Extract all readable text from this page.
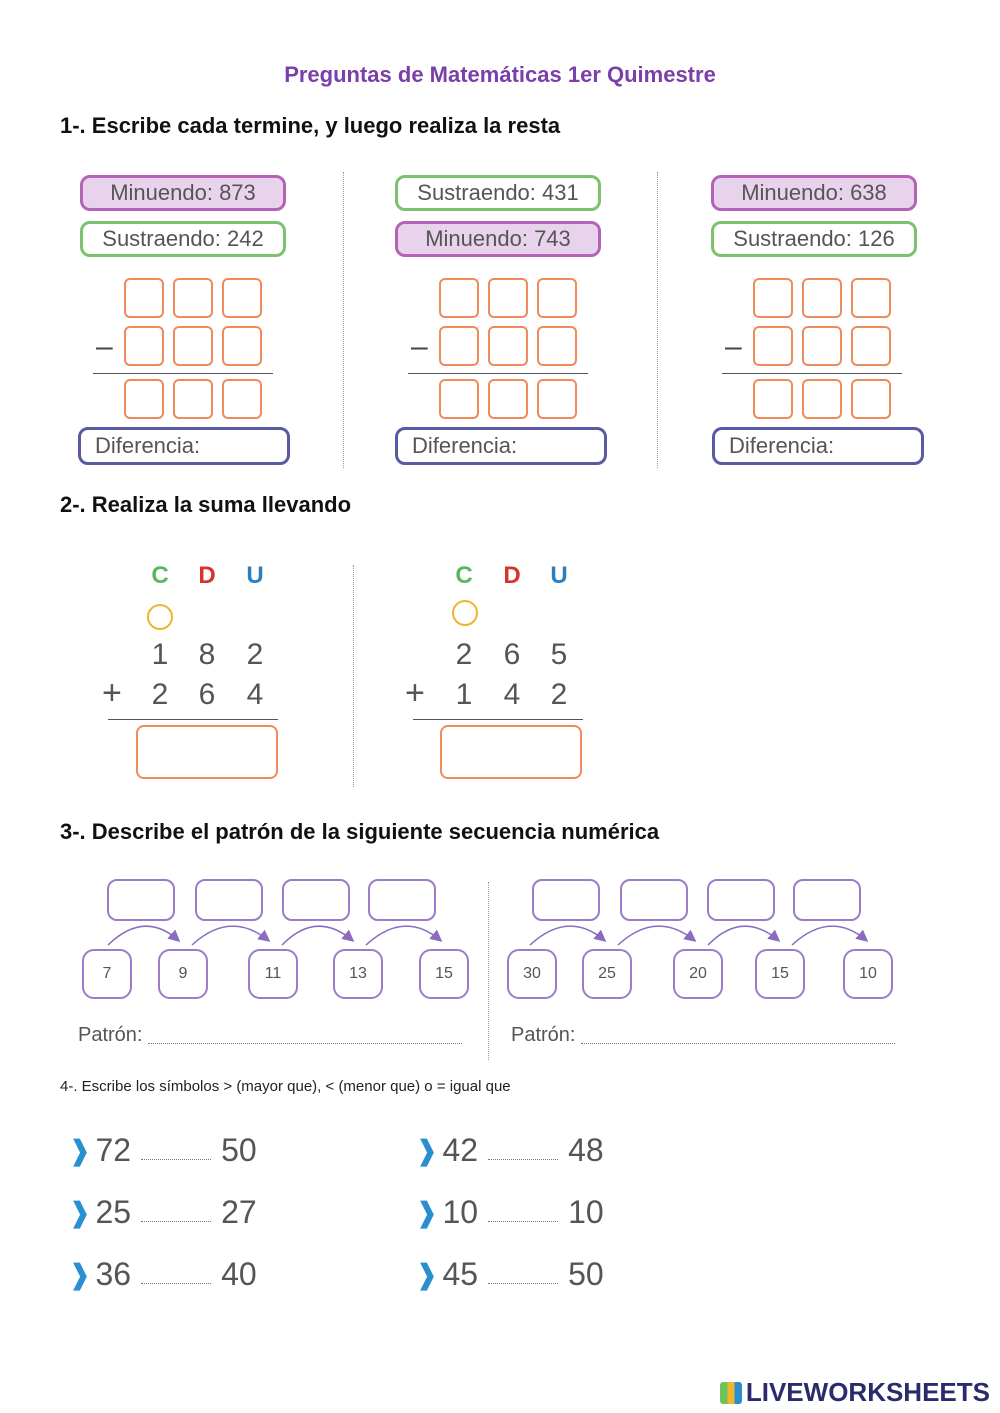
Preguntas de Matemáticas 1er Quimestre
1-. Escribe cada termine, y luego realiza la resta
Minuendo: 873
Sustraendo: 242
–
Diferencia:
Sustraendo: 431
Minuendo: 743
–
Diferencia:
Minuendo: 638
Sustraendo: 126
–
Diferencia:
2-. Realiza la suma llevando
C D U
1 8 2
+ 2 6 4
C D U
2 6 5
+ 1 4 2
3-. Describe el patrón de la siguiente secuencia numérica
7	9	11	13	15
Patrón:
30	25	20	15	10
Patrón:
4-. Escribe los símbolos > (mayor que), < (menor que) o = igual que
❱ 72	50	❱ 42	48
❱ 25	27	❱ 10	10
❱ 36	40	❱ 45	50
LIVEWORKSHEETS
